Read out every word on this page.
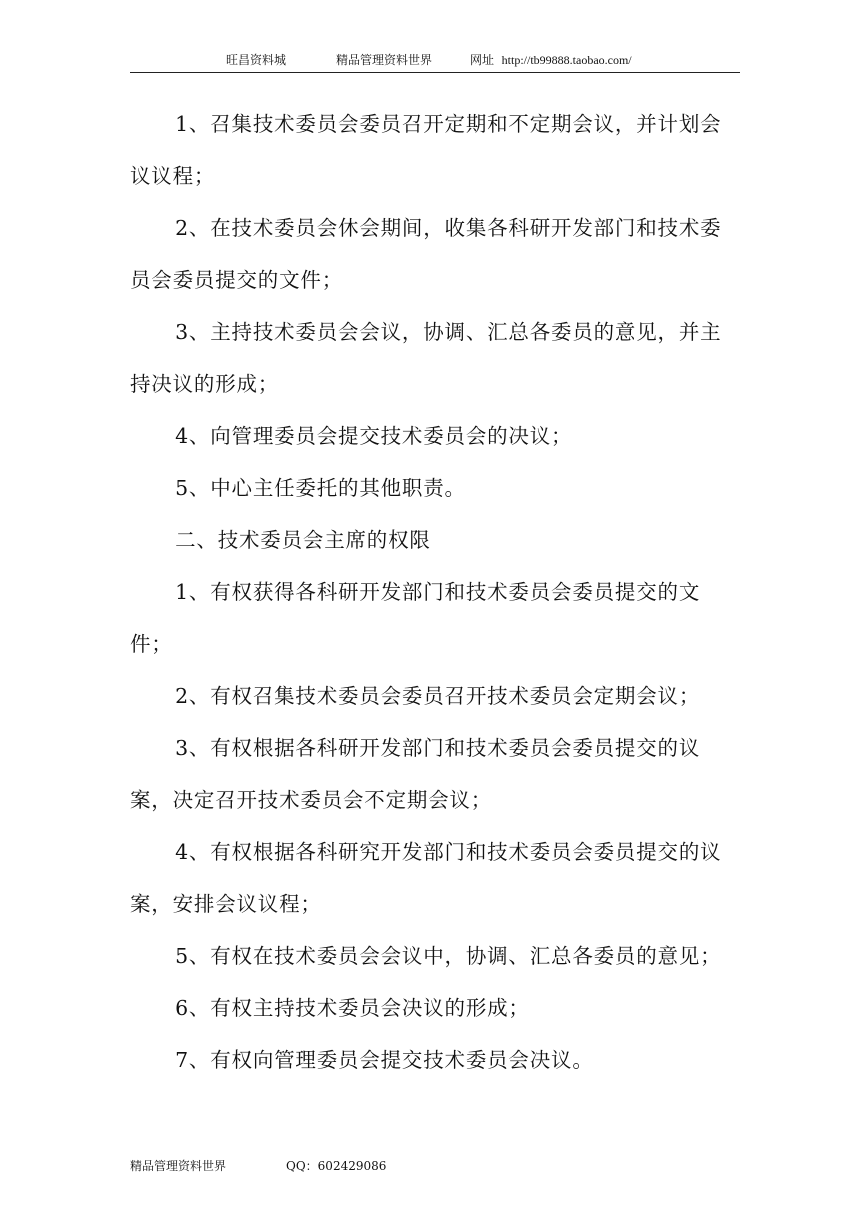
旺昌资料城	精品管理资料世界	网址 http://tb99888.taobao.com/

1、召集技术委员会委员召开定期和不定期会议，并计划会议议程；

2、在技术委员会休会期间，收集各科研开发部门和技术委员会委员提交的文件；

3、主持技术委员会会议，协调、汇总各委员的意见，并主持决议的形成；

4、向管理委员会提交技术委员会的决议；

5、中心主任委托的其他职责。

二、技术委员会主席的权限

1、有权获得各科研开发部门和技术委员会委员提交的文件；

2、有权召集技术委员会委员召开技术委员会定期会议；

3、有权根据各科研开发部门和技术委员会委员提交的议案，决定召开技术委员会不定期会议；

4、有权根据各科研究开发部门和技术委员会委员提交的议案，安排会议议程；

5、有权在技术委员会会议中，协调、汇总各委员的意见；

6、有权主持技术委员会决议的形成；

7、有权向管理委员会提交技术委员会决议。

精品管理资料世界	QQ：602429086
